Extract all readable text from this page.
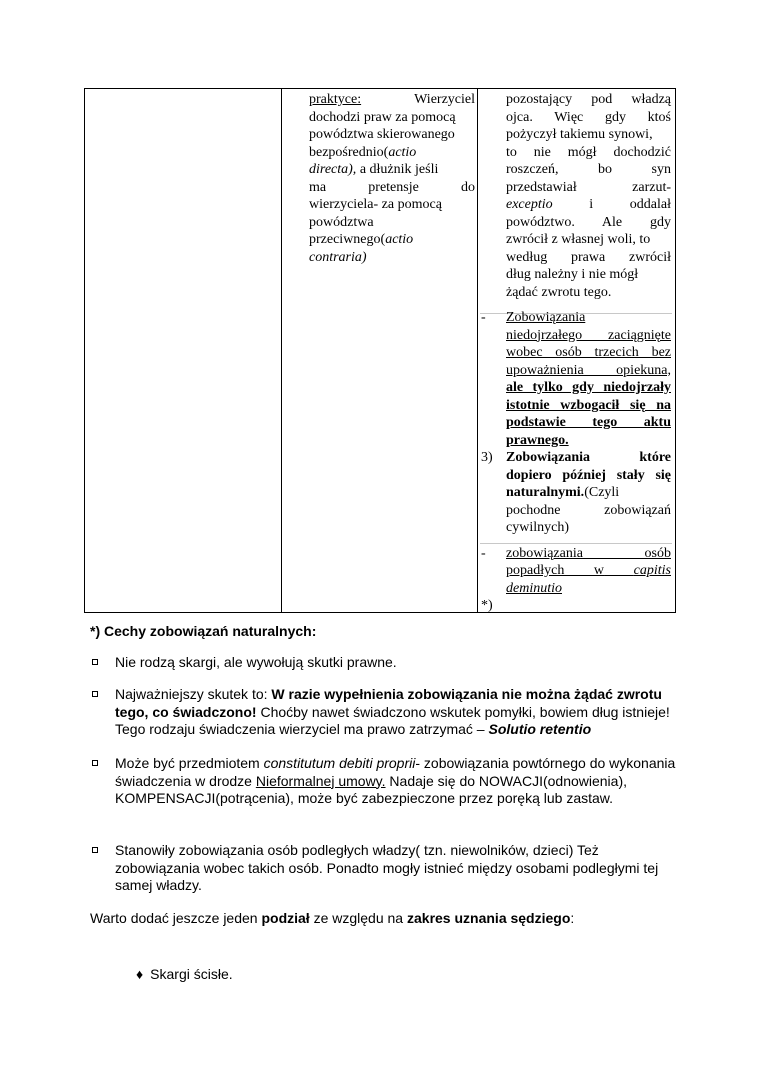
praktyce:	Wierzyciel
dochodzi praw za pomocą
powództwa skierowanego
bezpośrednio(actio
directa), a dłużnik jeśli
ma pretensje do
wierzyciela- za pomocą
powództwa
przeciwnego(actio
contraria)
pozostający pod władzą
ojca. Więc gdy ktoś
pożyczył takiemu synowi,
to nie mógł dochodzić
roszczeń, bo syn
przedstawiał zarzut-
exceptio	i oddalał
powództwo. Ale gdy
zwrócił z własnej woli, to
według prawa zwrócił
dług należny i nie mógł
żądać zwrotu tego.
- Zobowiązania
niedojrzałego zaciągnięte
wobec osób trzecich bez
upoważnienia opiekuna,
ale tylko gdy niedojrzały
istotnie wzbogacił się na
podstawie tego aktu
prawnego.
3) Zobowiązania które
dopiero później stały się
naturalnymi.(Czyli
pochodne zobowiązań
cywilnych)
- zobowiązania osób
popadłych w capitis
deminutio
*)
*) Cechy zobowiązań naturalnych:
Nie rodzą skargi, ale wywołują skutki prawne.
Najważniejszy skutek to: W razie wypełnienia zobowiązania nie można żądać zwrotu tego, co świadczono! Choćby nawet świadczono wskutek pomyłki, bowiem dług istnieje! Tego rodzaju świadczenia wierzyciel ma prawo zatrzymać – Solutio retentio
Może być przedmiotem constitutum debiti proprii- zobowiązania powtórnego do wykonania świadczenia w drodze Nieformalnej umowy. Nadaje się do NOWACJI(odnowienia), KOMPENSACJI(potrącenia), może być zabezpieczone przez poręką lub zastaw.
Stanowiły zobowiązania osób podległych władzy( tzn. niewolników, dzieci) Też zobowiązania wobec takich osób. Ponadto mogły istnieć między osobami podległymi tej samej władzy.
Warto dodać jeszcze jeden podział ze względu na zakres uznania sędziego:
♦ Skargi ścisłe.
